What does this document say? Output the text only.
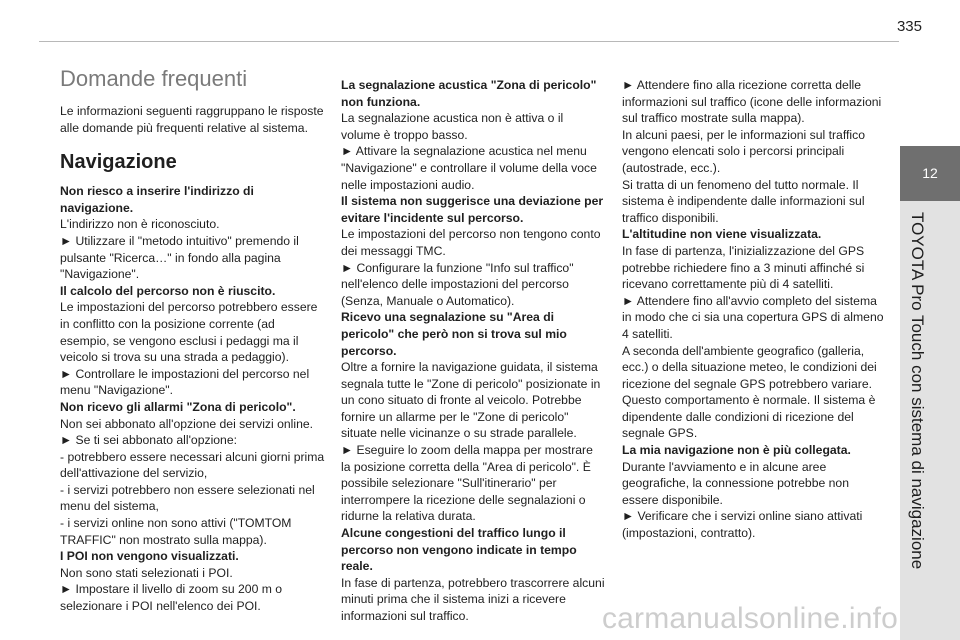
335
12
TOYOTA Pro Touch con sistema di navigazione
Domande frequenti

Le informazioni seguenti raggruppano le risposte alle domande più frequenti relative al sistema.

Navigazione

Non riesco a inserire l'indirizzo di navigazione.

L'indirizzo non è riconosciuto.

► Utilizzare il "metodo intuitivo" premendo il pulsante "Ricerca…" in fondo alla pagina "Navigazione".

Il calcolo del percorso non è riuscito.

Le impostazioni del percorso potrebbero essere in conflitto con la posizione corrente (ad esempio, se vengono esclusi i pedaggi ma il veicolo si trova su una strada a pedaggio).

► Controllare le impostazioni del percorso nel menu "Navigazione".

Non ricevo gli allarmi "Zona di pericolo".

Non sei abbonato all'opzione dei servizi online.

► Se ti sei abbonato all'opzione:

- potrebbero essere necessari alcuni giorni prima dell'attivazione del servizio,

- i servizi potrebbero non essere selezionati nel menu del sistema,

- i servizi online non sono attivi ("TOMTOM TRAFFIC" non mostrato sulla mappa).

I POI non vengono visualizzati.

Non sono stati selezionati i POI.

► Impostare il livello di zoom su 200 m o selezionare i POI nell'elenco dei POI.

La segnalazione acustica "Zona di pericolo" non funziona.

La segnalazione acustica non è attiva o il volume è troppo basso.

► Attivare la segnalazione acustica nel menu "Navigazione" e controllare il volume della voce nelle impostazioni audio.

Il sistema non suggerisce una deviazione per evitare l'incidente sul percorso.

Le impostazioni del percorso non tengono conto dei messaggi TMC.

► Configurare la funzione "Info sul traffico" nell'elenco delle impostazioni del percorso (Senza, Manuale o Automatico).

Ricevo una segnalazione su "Area di pericolo" che però non si trova sul mio percorso.

Oltre a fornire la navigazione guidata, il sistema segnala tutte le "Zone di pericolo" posizionate in un cono situato di fronte al veicolo. Potrebbe fornire un allarme per le "Zone di pericolo" situate nelle vicinanze o su strade parallele.

► Eseguire lo zoom della mappa per mostrare la posizione corretta della "Area di pericolo". È possibile selezionare "Sull'itinerario" per interrompere la ricezione delle segnalazioni o ridurne la relativa durata.

Alcune congestioni del traffico lungo il percorso non vengono indicate in tempo reale.

In fase di partenza, potrebbero trascorrere alcuni minuti prima che il sistema inizi a ricevere informazioni sul traffico.

► Attendere fino alla ricezione corretta delle informazioni sul traffico (icone delle informazioni sul traffico mostrate sulla mappa).

In alcuni paesi, per le informazioni sul traffico vengono elencati solo i percorsi principali (autostrade, ecc.).

Si tratta di un fenomeno del tutto normale. Il sistema è indipendente dalle informazioni sul traffico disponibili.

L'altitudine non viene visualizzata.

In fase di partenza, l'inizializzazione del GPS potrebbe richiedere fino a 3 minuti affinché si ricevano correttamente più di 4 satelliti.

► Attendere fino all'avvio completo del sistema in modo che ci sia una copertura GPS di almeno 4 satelliti.

A seconda dell'ambiente geografico (galleria, ecc.) o della situazione meteo, le condizioni dei ricezione del segnale GPS potrebbero variare.

Questo comportamento è normale. Il sistema è dipendente dalle condizioni di ricezione del segnale GPS.

La mia navigazione non è più collegata.

Durante l'avviamento e in alcune aree geografiche, la connessione potrebbe non essere disponibile.

► Verificare che i servizi online siano attivati (impostazioni, contratto).

carmanualsonline.info
